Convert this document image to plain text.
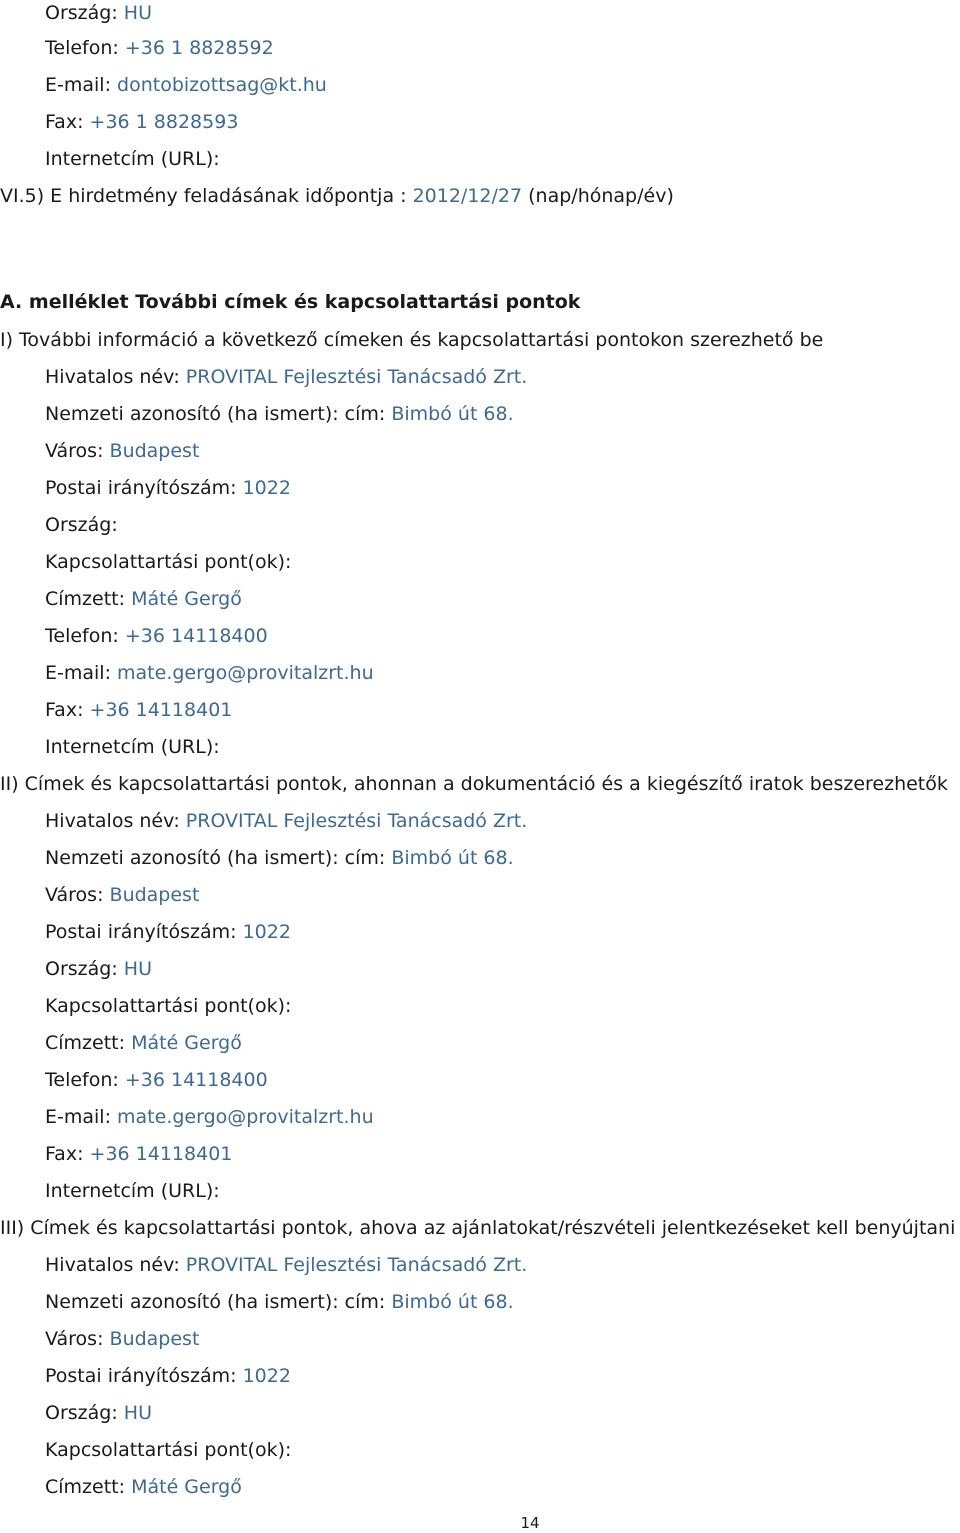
Ország: HU
Telefon: +36 1 8828592
E-mail: dontobizottsag@kt.hu
Fax: +36 1 8828593
Internetcím (URL):
VI.5) E hirdetmény feladásának időpontja : 2012/12/27 (nap/hónap/év)
A. melléklet További címek és kapcsolattartási pontok
I) További információ a következő címeken és kapcsolattartási pontokon szerezhető be
Hivatalos név: PROVITAL Fejlesztési Tanácsadó Zrt.
Nemzeti azonosító (ha ismert): cím: Bimbó út 68.
Város: Budapest
Postai irányítószám: 1022
Ország:
Kapcsolattartási pont(ok):
Címzett: Máté Gergő
Telefon: +36 14118400
E-mail: mate.gergo@provitalzrt.hu
Fax: +36 14118401
Internetcím (URL):
II) Címek és kapcsolattartási pontok, ahonnan a dokumentáció és a kiegészítő iratok beszerezhetők
Hivatalos név: PROVITAL Fejlesztési Tanácsadó Zrt.
Nemzeti azonosító (ha ismert): cím: Bimbó út 68.
Város: Budapest
Postai irányítószám: 1022
Ország: HU
Kapcsolattartási pont(ok):
Címzett: Máté Gergő
Telefon: +36 14118400
E-mail: mate.gergo@provitalzrt.hu
Fax: +36 14118401
Internetcím (URL):
III) Címek és kapcsolattartási pontok, ahova az ajánlatokat/részvételi jelentkezéseket kell benyújtani
Hivatalos név: PROVITAL Fejlesztési Tanácsadó Zrt.
Nemzeti azonosító (ha ismert): cím: Bimbó út 68.
Város: Budapest
Postai irányítószám: 1022
Ország: HU
Kapcsolattartási pont(ok):
Címzett: Máté Gergő
14
